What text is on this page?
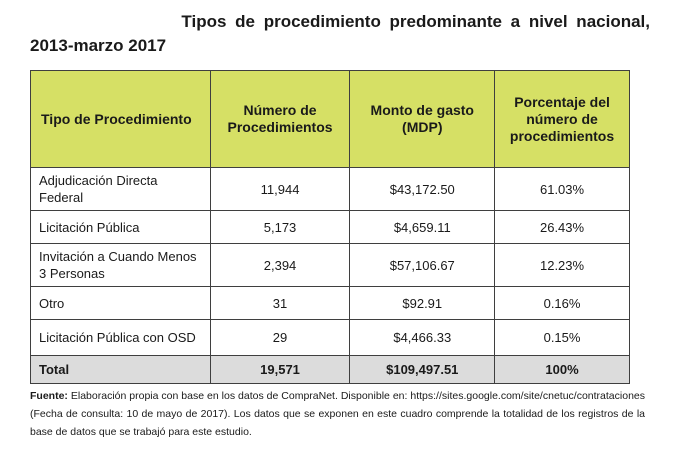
Tipos de procedimiento predominante a nivel nacional,
2013-marzo 2017
Tipo de Procedimiento	Número de Procedimientos	Monto de gasto (MDP)	Porcentaje del número de procedimientos
Adjudicación Directa Federal	11,944	$43,172.50	61.03%
Licitación Pública	5,173	$4,659.11	26.43%
Invitación a Cuando Menos 3 Personas	2,394	$57,106.67	12.23%
Otro	31	$92.91	0.16%
Licitación Pública con OSD	29	$4,466.33	0.15%
Total	19,571	$109,497.51	100%
Fuente: Elaboración propia con base en los datos de CompraNet. Disponible en: https://sites.google.com/site/cnetuc/contrataciones (Fecha de consulta: 10 de mayo de 2017). Los datos que se exponen en este cuadro comprende la totalidad de los registros de la base de datos que se trabajó para este estudio.
